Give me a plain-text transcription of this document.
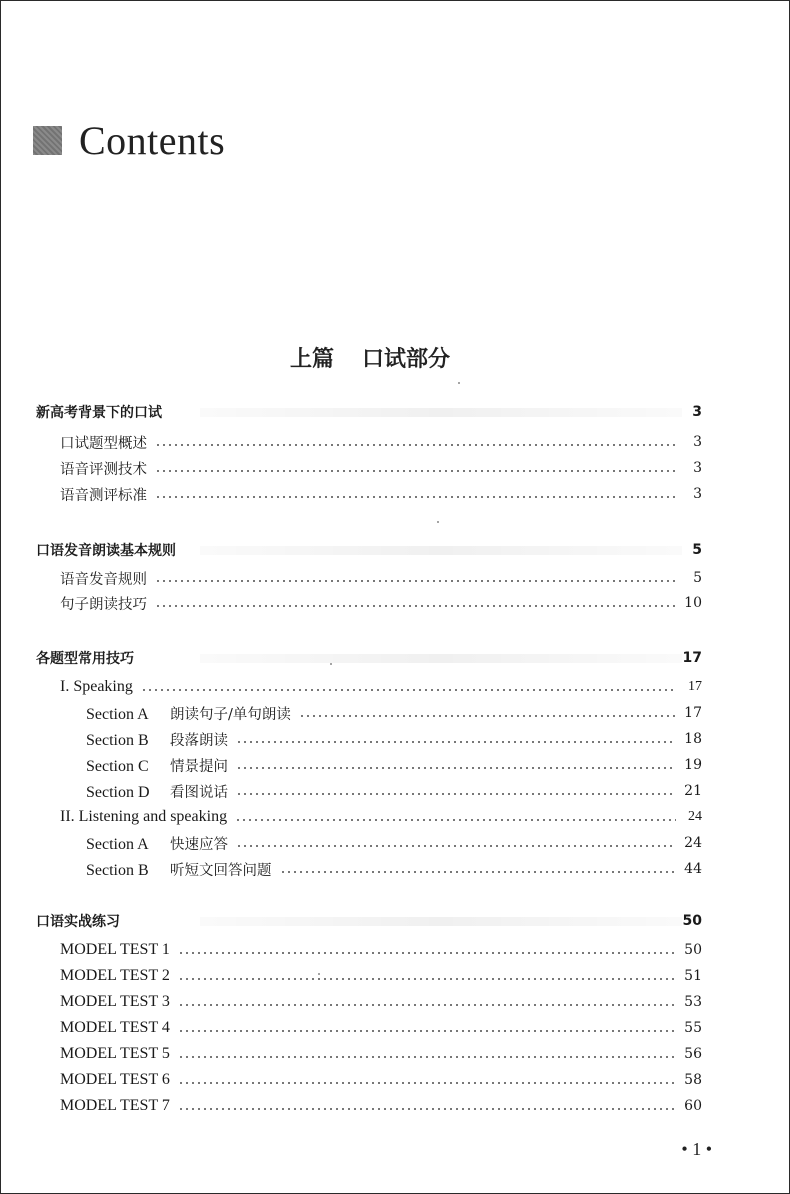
Contents
上篇 口试部分
新高考背景下的口试	3
口试题型概述	3
语音评测技术	3
语音测评标准	3
口语发音朗读基本规则	5
语音发音规则	5
句子朗读技巧	10
各题型常用技巧	17
I. Speaking	17
Section A 朗读句子/单句朗读	17
Section B 段落朗读	18
Section C 情景提问	19
Section D 看图说话	21
II. Listening and speaking	24
Section A 快速应答	24
Section B 听短文回答问题	44
口语实战练习	50
MODEL TEST 1	50
MODEL TEST 2	51
MODEL TEST 3	53
MODEL TEST 4	55
MODEL TEST 5	56
MODEL TEST 6	58
MODEL TEST 7	60
• 1 •
